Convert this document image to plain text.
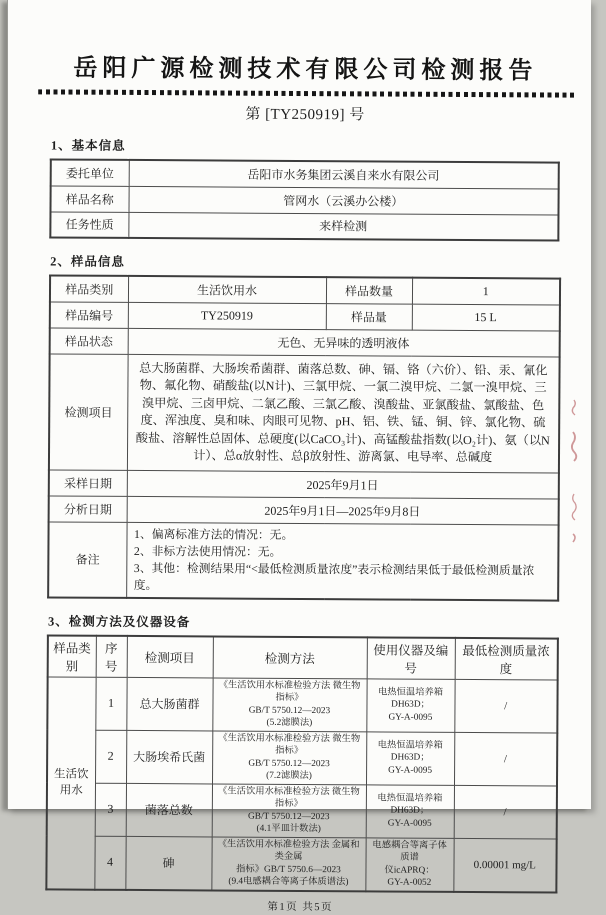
岳阳广源检测技术有限公司检测报告
第 [TY250919] 号
1、基本信息
委托单位	岳阳市水务集团云溪自来水有限公司
样品名称	管网水（云溪办公楼）
任务性质	来样检测
2、样品信息
样品类别	生活饮用水	样品数量	1
样品编号	TY250919	样品量	15 L
样品状态	无色、无异味的透明液体		
检测项目	总大肠菌群、大肠埃希菌群、菌落总数、砷、镉、铬（六价）、铅、汞、氰化物、氟化物、硝酸盐(以N计)、三氯甲烷、一氯二溴甲烷、二氯一溴甲烷、三溴甲烷、三卤甲烷、二氯乙酸、三氯乙酸、溴酸盐、亚氯酸盐、氯酸盐、色度、浑浊度、臭和味、肉眼可见物、pH、铝、铁、锰、铜、锌、氯化物、硫酸盐、溶解性总固体、总硬度(以CaCO₃计)、高锰酸盐指数(以O₂计)、氨（以N计）、总α放射性、总β放射性、游离氯、电导率、总碱度		
采样日期	2025年9月1日		
分析日期	2025年9月1日—2025年9月8日		
备注	1、偏离标准方法的情况：无。
2、非标方法使用情况：无。
3、其他：检测结果用“<最低检测质量浓度”表示检测结果低于最低检测质量浓度。		
3、检测方法及仪器设备
样品类别	序号	检测项目	检测方法	使用仪器及编号	最低检测质量浓度
生活饮用水	1	总大肠菌群	《生活饮用水标准检验方法 微生物指标》
GB/T 5750.12—2023
(5.2滤膜法)	电热恒温培养箱
DH63D；
GY-A-0095	/
	2	大肠埃希氏菌	《生活饮用水标准检验方法 微生物指标》
GB/T 5750.12—2023
(7.2滤膜法)	电热恒温培养箱
DH63D；
GY-A-0095	/
	3	菌落总数	《生活饮用水标准检验方法 微生物指标》
GB/T 5750.12—2023
(4.1平皿计数法)	电热恒温培养箱
DH63D；
GY-A-0095	/
	4	砷	《生活饮用水标准检验方法 金属和类金属
指标》GB/T 5750.6—2023
(9.4电感耦合等离子体质谱法)	电感耦合等离子体质谱
仪icAPRQ：
GY-A-0052	0.00001 mg/L
第1页 共5页
